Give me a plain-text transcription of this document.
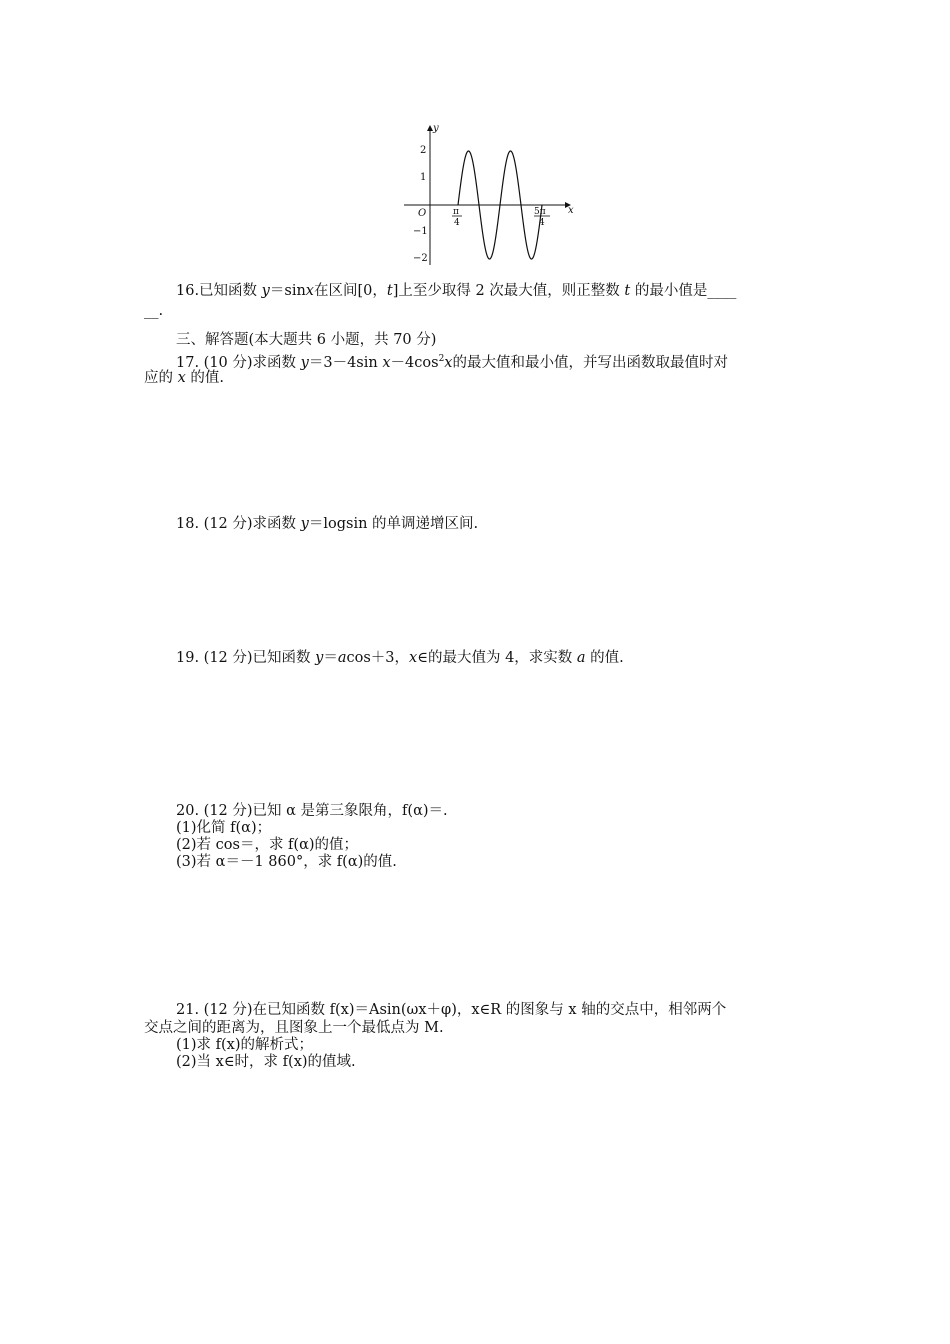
x
y
O
2
1
−1
−2
π
4
5π
4
16.已知函数 y＝sinx在区间[0，t]上至少取得 2 次最大值，则正整数 t 的最小值是____
__.
三、解答题(本大题共 6 小题，共 70 分)
17. (10 分)求函数 y＝3－4sin $x-4\cos^2x$的最大值和最小值，并写出函数取最值时对
应的 x 的值.
18. (12 分)求函数 y＝logsin 的单调递增区间.
19. (12 分)已知函数 y＝acos＋3，x∈的最大值为 4，求实数 a 的值.
20. (12 分)已知 α 是第三象限角，f(α)＝.
(1)化简 f(α)；
(2)若 cos＝，求 f(α)的值；
(3)若 α＝－1 860°，求 f(α)的值.
21. (12 分)在已知函数 f(x)＝Asin(ωx＋φ)，x∈R 的图象与 x 轴的交点中，相邻两个
交点之间的距离为，且图象上一个最低点为 M.
(1)求 f(x)的解析式；
(2)当 x∈时，求 f(x)的值域.
